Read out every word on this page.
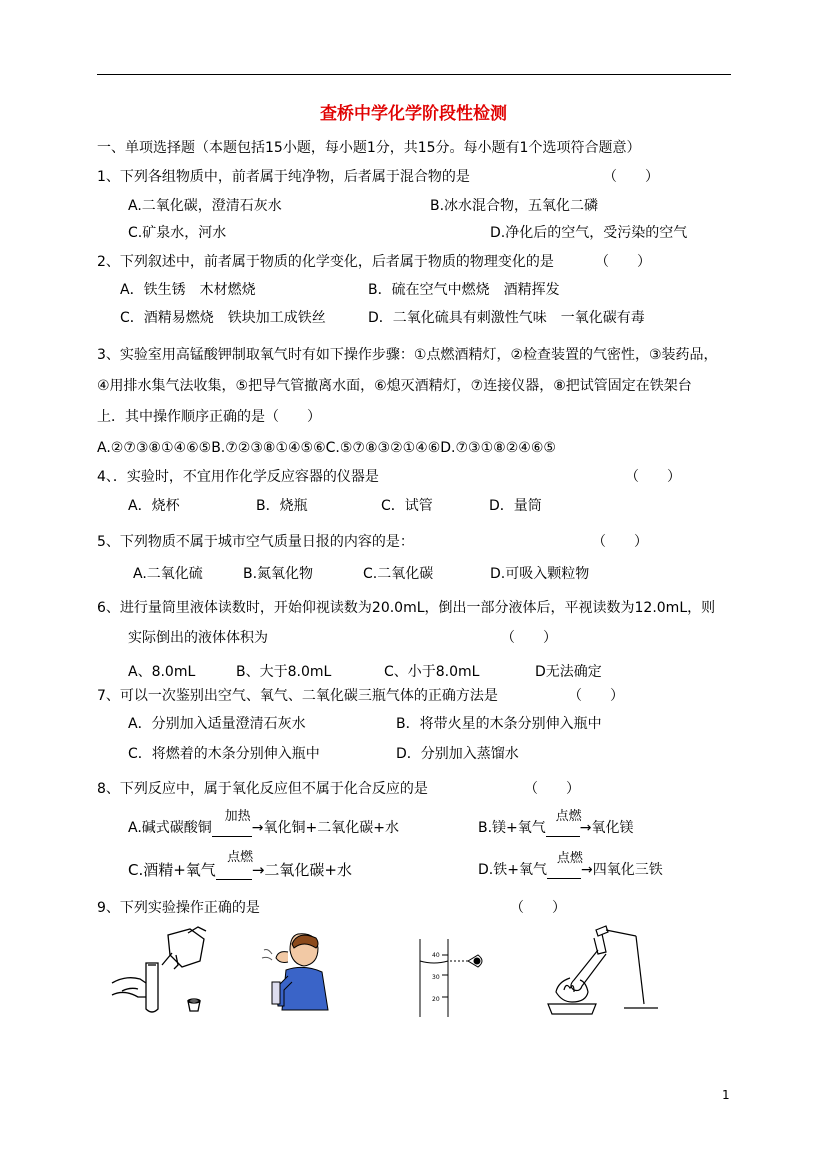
查桥中学化学阶段性检测
一、单项选择题（本题包括15小题，每小题1分，共15分。每小题有1个选项符合题意）
1、下列各组物质中，前者属于纯净物，后者属于混合物的是	（　　）
A.二氧化碳，澄清石灰水	B.冰水混合物，五氧化二磷
C.矿泉水，河水	D.净化后的空气，受污染的空气
2、下列叙述中，前者属于物质的化学变化，后者属于物质的物理变化的是	（　　）
A．铁生锈　木材燃烧	B．硫在空气中燃烧　酒精挥发
C．酒精易燃烧　铁块加工成铁丝	D．二氧化硫具有刺激性气味　一氧化碳有毒
3、实验室用高锰酸钾制取氧气时有如下操作步骤：①点燃酒精灯，②检查装置的气密性，③装药品，
④用排水集气法收集，⑤把导气管撤离水面，⑥熄灭酒精灯，⑦连接仪器，⑧把试管固定在铁架台
上．其中操作顺序正确的是（　　）
A.②⑦③⑧①④⑥⑤B.⑦②③⑧①④⑤⑥C.⑤⑦⑧③②①④⑥D.⑦③①⑧②④⑥⑤
4、．实验时，不宜用作化学反应容器的仪器是	（　　）
A．烧杯	B．烧瓶	C．试管	D．量筒
5、下列物质不属于城市空气质量日报的内容的是：	（　　）
A.二氧化硫	B.氮氧化物	C.二氧化碳	D.可吸入颗粒物
6、进行量筒里液体读数时，开始仰视读数为20.0mL，倒出一部分液体后，平视读数为12.0mL，则
实际倒出的液体体积为	（　　）
A、8.0mL	B、大于8.0mL	C、小于8.0mL	D无法确定
7、可以一次鉴别出空气、氧气、二氧化碳三瓶气体的正确方法是	（　　）
A．分别加入适量澄清石灰水	B．将带火星的木条分别伸入瓶中
C．将燃着的木条分别伸入瓶中	D．分别加入蒸馏水
8、下列反应中，属于氧化反应但不属于化合反应的是	（　　）
A.碱式碳酸铜
加热
→氧化铜+二氧化碳+水	B.镁+氧气
点燃
→氧化镁
C.酒精+氧气
点燃
→二氧化碳+水	D.铁+氧气
点燃
→四氧化三铁
9、下列实验操作正确的是	（　　）
40
30
20
1
